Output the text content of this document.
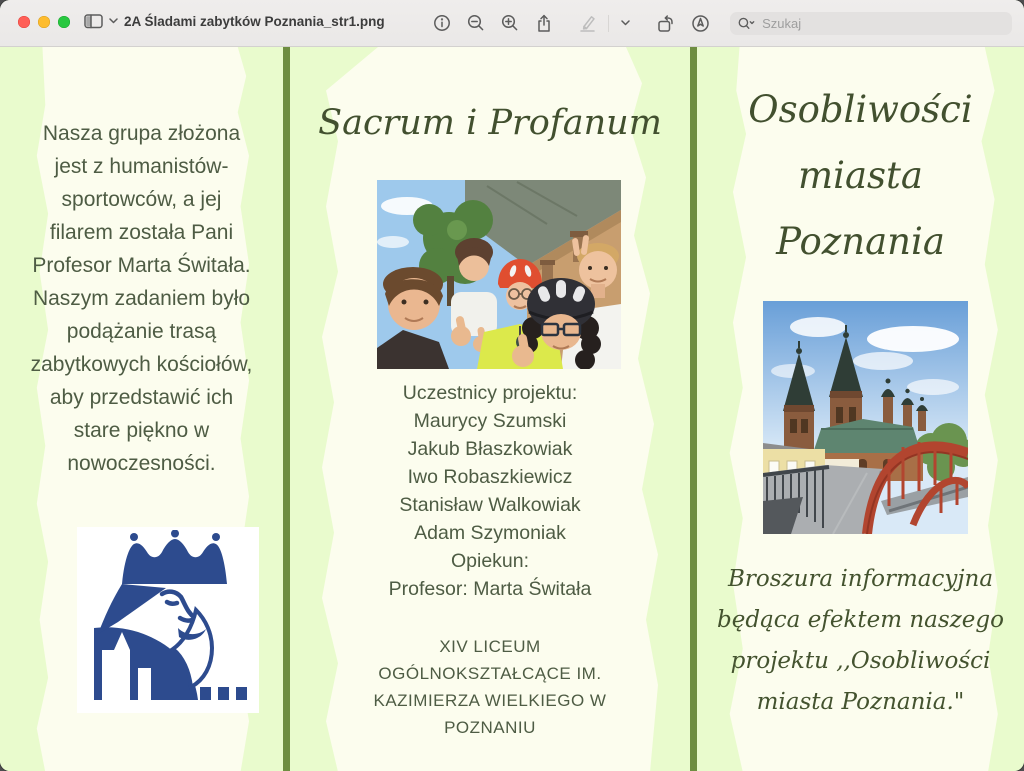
2A Śladami zabytków Poznania_str1.png
Szukaj
Nasza grupa złożona
jest z humanistów-
sportowców, a jej
filarem została Pani
Profesor Marta Świtała.
Naszym zadaniem było
podążanie trasą
zabytkowych kościołów,
aby przedstawić ich
stare piękno w
nowoczesności.
Sacrum i Profanum
Uczestnicy projektu:
Maurycy Szumski
Jakub Błaszkowiak
Iwo Robaszkiewicz
Stanisław Walkowiak
Adam Szymoniak
Opiekun:
Profesor: Marta Świtała
XIV LICEUM
OGÓLNOKSZTAŁCĄCE IM.
KAZIMIERZA WIELKIEGO W
POZNANIU
Osobliwości
miasta
Poznania
Broszura informacyjna
będąca efektem naszego
projektu ,,Osobliwości
miasta Poznania."
